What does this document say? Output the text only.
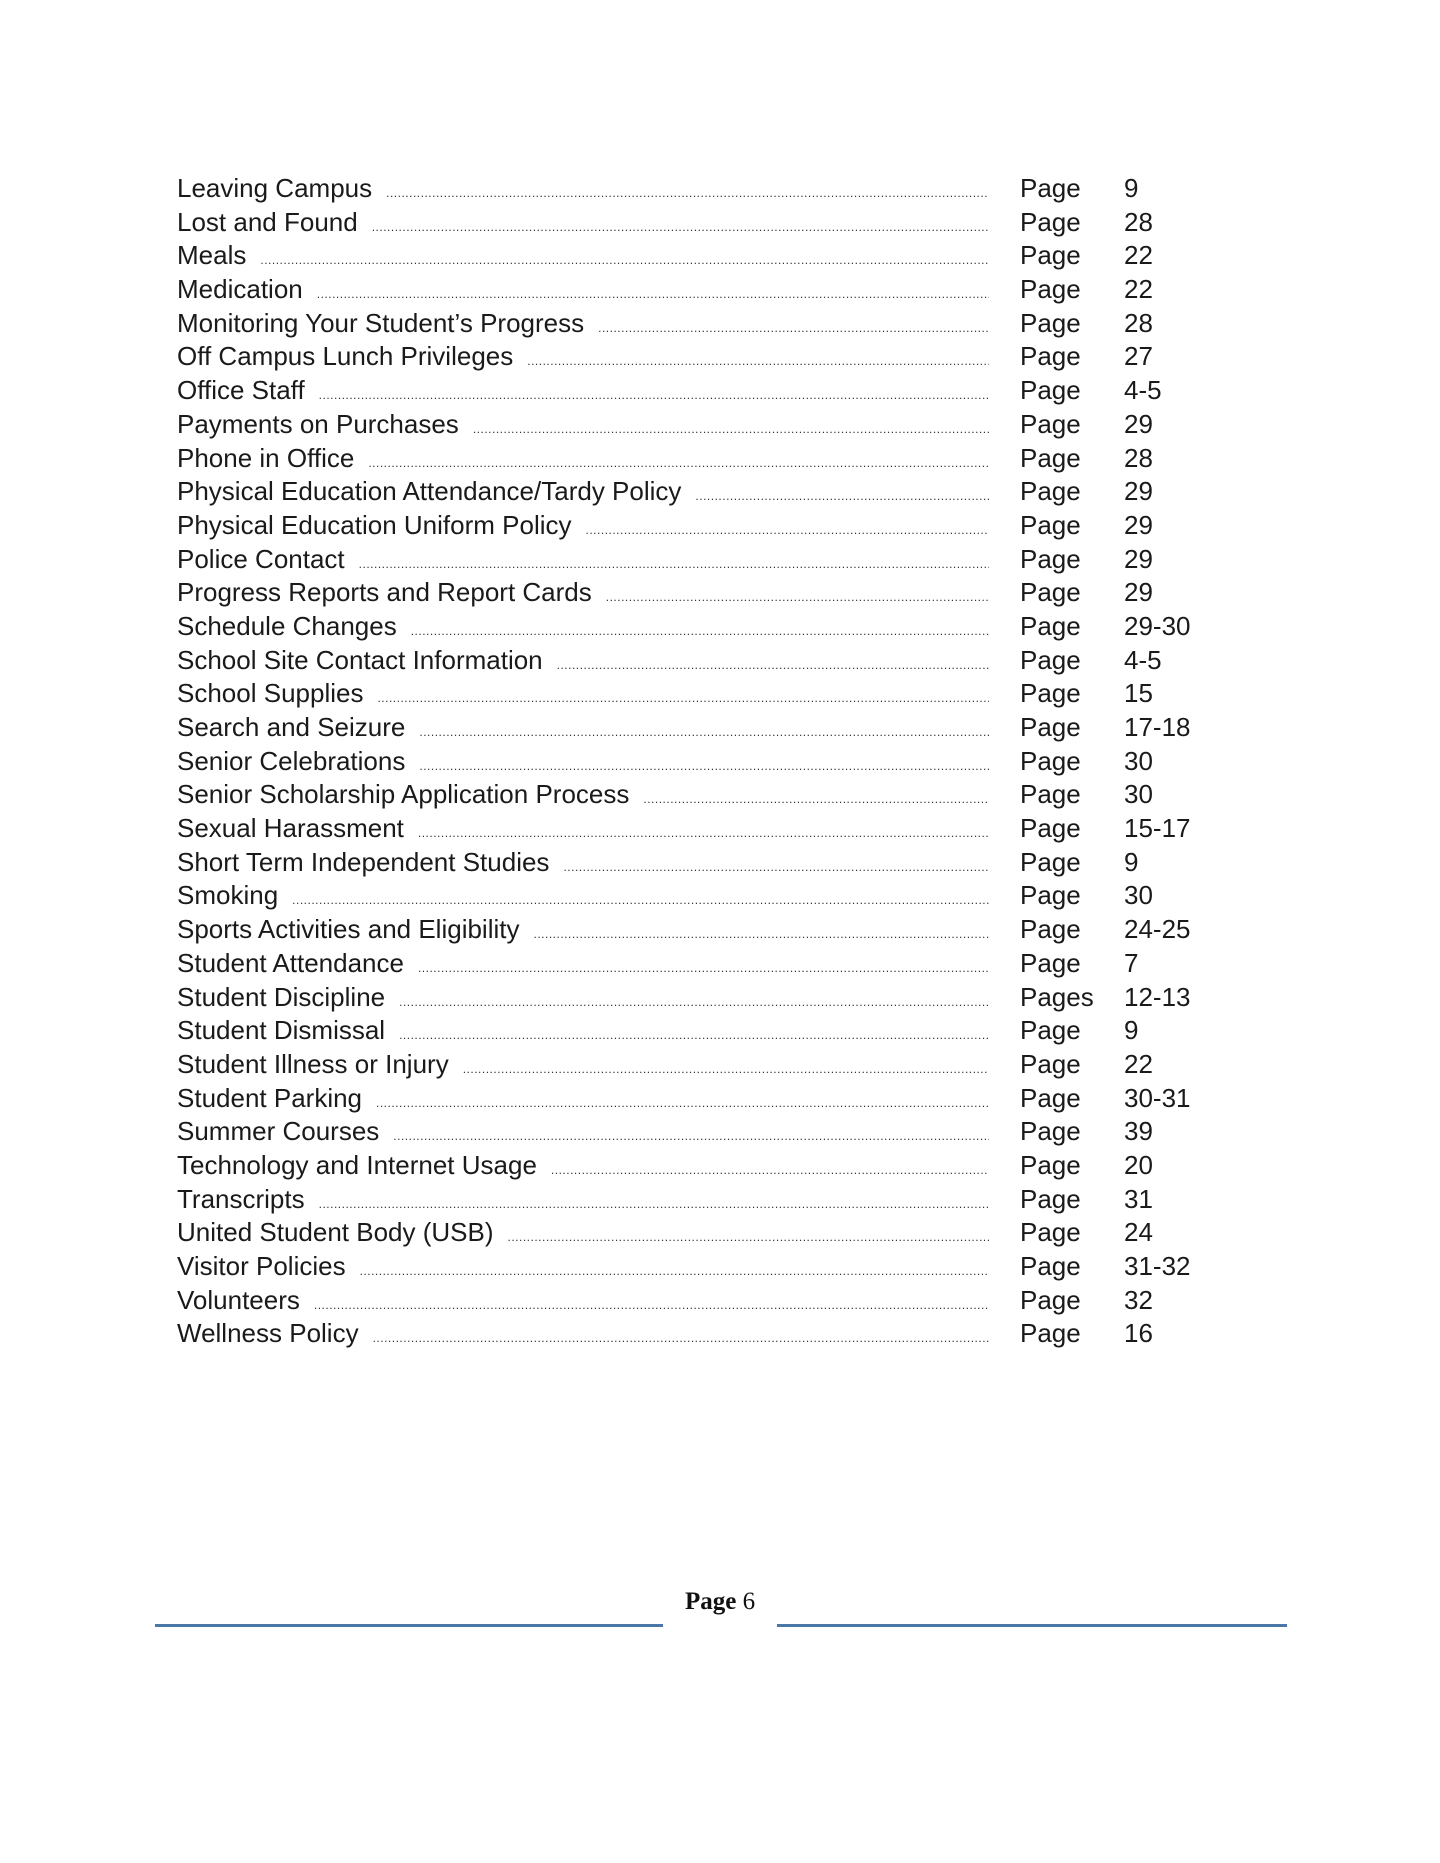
Leaving Campus .....	Page	9
Lost and Found .....	Page	28
Meals .....	Page	22
Medication .....	Page	22
Monitoring Your Student’s Progress .....	Page	28
Off Campus Lunch Privileges .....	Page	27
Office Staff .....	Page	4-5
Payments on Purchases .....	Page	29
Phone in Office .....	Page	28
Physical Education Attendance/Tardy Policy .....	Page	29
Physical Education Uniform Policy .....	Page	29
Police Contact .....	Page	29
Progress Reports and Report Cards .....	Page	29
Schedule Changes .....	Page	29-30
School Site Contact Information .....	Page	4-5
School Supplies .....	Page	15
Search and Seizure .....	Page	17-18
Senior Celebrations .....	Page	30
Senior Scholarship Application Process .....	Page	30
Sexual Harassment .....	Page	15-17
Short Term Independent Studies .....	Page	9
Smoking .....	Page	30
Sports Activities and Eligibility .....	Page	24-25
Student Attendance .....	Page	7
Student Discipline .....	Pages	12-13
Student Dismissal .....	Page	9
Student Illness or Injury .....	Page	22
Student Parking .....	Page	30-31
Summer Courses .....	Page	39
Technology and Internet Usage .....	Page	20
Transcripts .....	Page	31
United Student Body (USB) .....	Page	24
Visitor Policies .....	Page	31-32
Volunteers .....	Page	32
Wellness Policy .....	Page	16
Page 6
